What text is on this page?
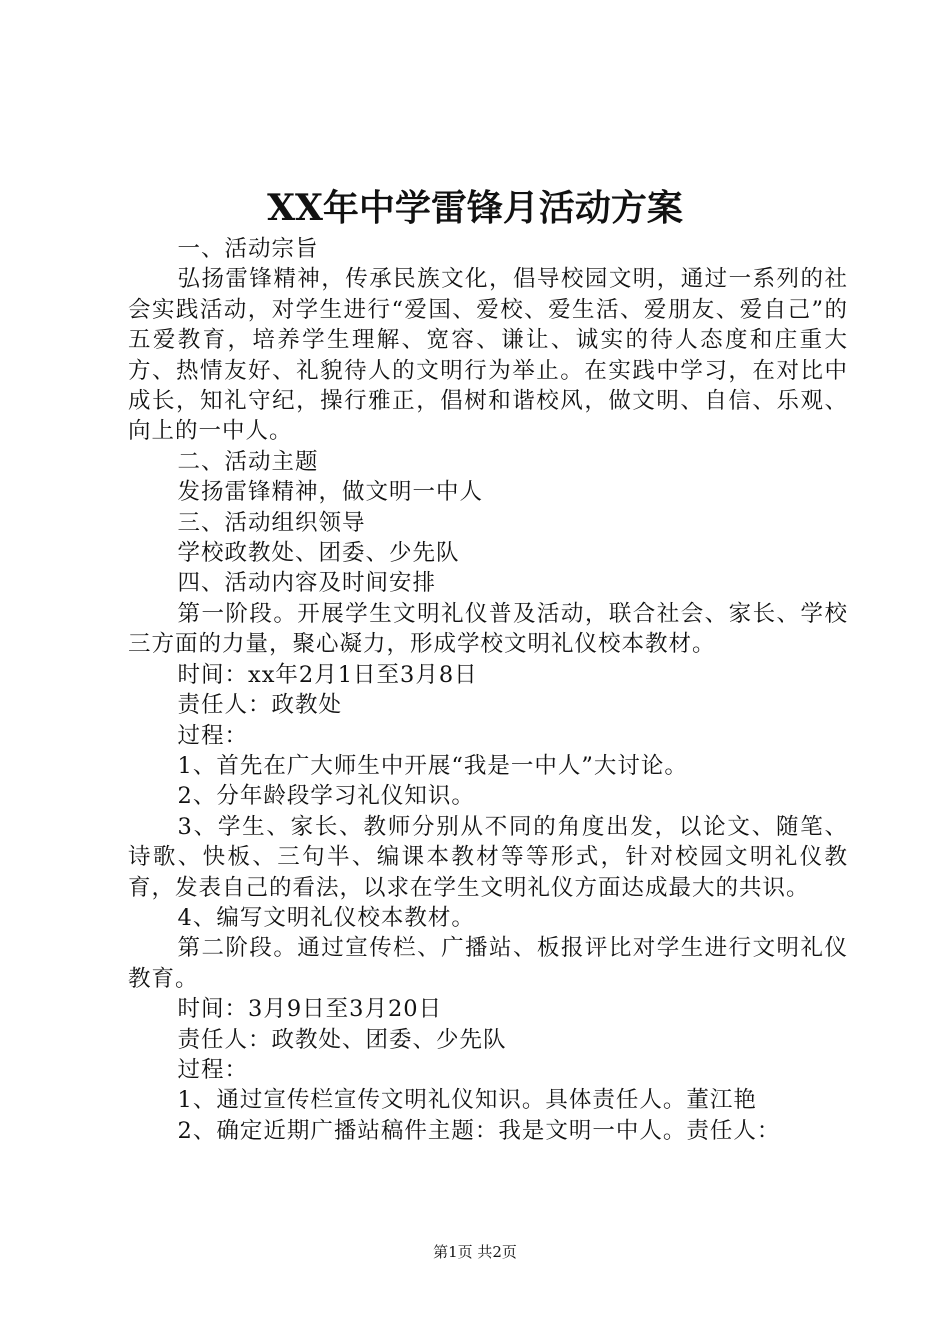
XX年中学雷锋月活动方案

一、活动宗旨

弘扬雷锋精神，传承民族文化，倡导校园文明，通过一系列的社会实践活动，对学生进行“爱国、爱校、爱生活、爱朋友、爱自己”的五爱教育，培养学生理解、宽容、谦让、诚实的待人态度和庄重大方、热情友好、礼貌待人的文明行为举止。在实践中学习，在对比中成长，知礼守纪，操行雅正，倡树和谐校风，做文明、自信、乐观、向上的一中人。

二、活动主题

发扬雷锋精神，做文明一中人

三、活动组织领导

学校政教处、团委、少先队

四、活动内容及时间安排

第一阶段。开展学生文明礼仪普及活动，联合社会、家长、学校三方面的力量，聚心凝力，形成学校文明礼仪校本教材。

时间：xx年2月1日至3月8日

责任人：政教处

过程：

1、首先在广大师生中开展“我是一中人”大讨论。

2、分年龄段学习礼仪知识。

3、学生、家长、教师分别从不同的角度出发，以论文、随笔、诗歌、快板、三句半、编课本教材等等形式，针对校园文明礼仪教育，发表自己的看法，以求在学生文明礼仪方面达成最大的共识。

4、编写文明礼仪校本教材。

第二阶段。通过宣传栏、广播站、板报评比对学生进行文明礼仪教育。

时间：3月9日至3月20日

责任人：政教处、团委、少先队

过程：

1、通过宣传栏宣传文明礼仪知识。具体责任人。董江艳

2、确定近期广播站稿件主题：我是文明一中人。责任人：

第1页 共2页
